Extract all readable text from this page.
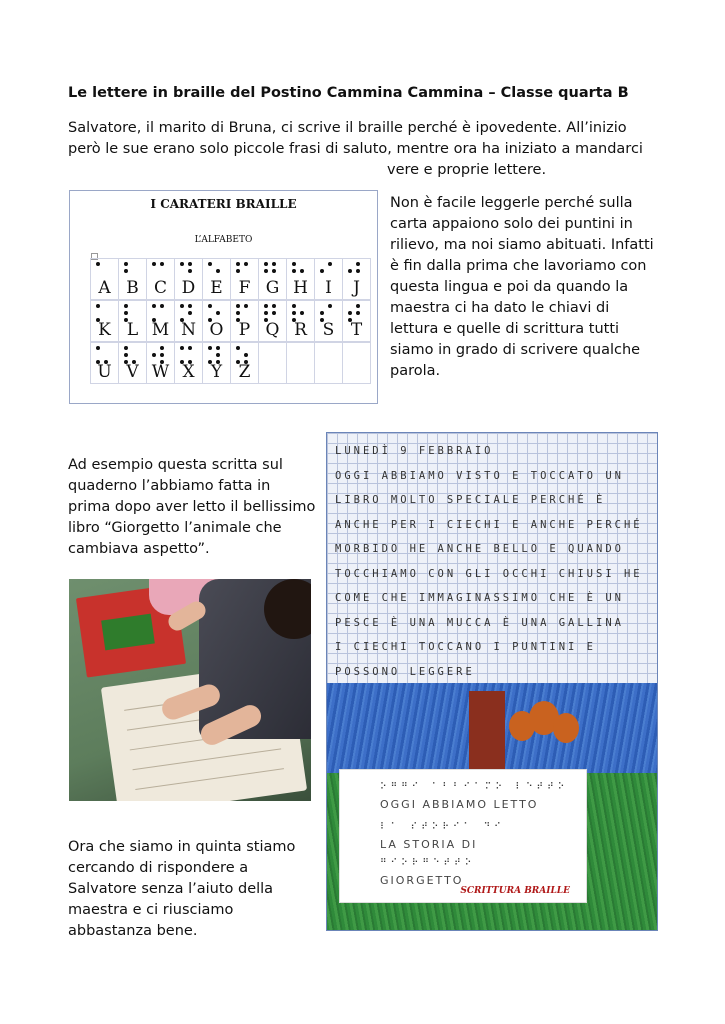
Le lettere in braille del Postino Cammina Cammina – Classe quarta B
Salvatore, il marito di Bruna, ci scrive il braille perché è ipovedente. All’inizio
però le sue erano solo piccole frasi di saluto, mentre ora ha iniziato a mandarci
vere e proprie lettere.
I CARATERI BRAILLE
L’ALFABETO
A B C D E F G H	I	J
K L M N O P Q R S T
U V W X Y Z
Non è facile leggerle perché sulla carta appaiono solo dei puntini in rilievo, ma noi siamo abituati. Infatti è fin dalla prima che lavoriamo con questa lingua e poi da quando la maestra ci ha dato le chiavi di lettura e quelle di scrittura tutti siamo in grado di scrivere qualche parola.
Ad esempio questa scritta sul quaderno l’abbiamo fatta in prima dopo aver letto il bellissimo libro “Giorgetto l’animale che cambiava aspetto”.
LUNEDÌ 9 FEBBRAIO
OGGI ABBIAMO VISTO E TOCCATO UN
LIBRO MOLTO SPECIALE PERCHÉ È
ANCHE PER I CIECHI E ANCHE PERCHÉ
MORBIDO HE ANCHE BELLO E QUANDO
TOCCHIAMO CON GLI OCCHI CHIUSI HE
COME CHE IMMAGINASSIMO CHE È UN
PESCE È UNA MUCCA È UNA GALLINA
I CIECHI TOCCANO I PUNTINI E
POSSONO LEGGERE
⠕⠛⠛⠊ ⠁⠃⠃⠊⠁⠍⠕ ⠇⠑⠞⠞⠕
OGGI ABBIAMO LETTO
⠇⠁ ⠎⠞⠕⠗⠊⠁ ⠙⠊
LA STORIA DI
⠛⠊⠕⠗⠛⠑⠞⠞⠕
GIORGETTO
SCRITTURA BRAILLE
Ora che siamo in quinta stiamo cercando di rispondere a Salvatore senza l’aiuto della maestra e ci riusciamo abbastanza bene.
